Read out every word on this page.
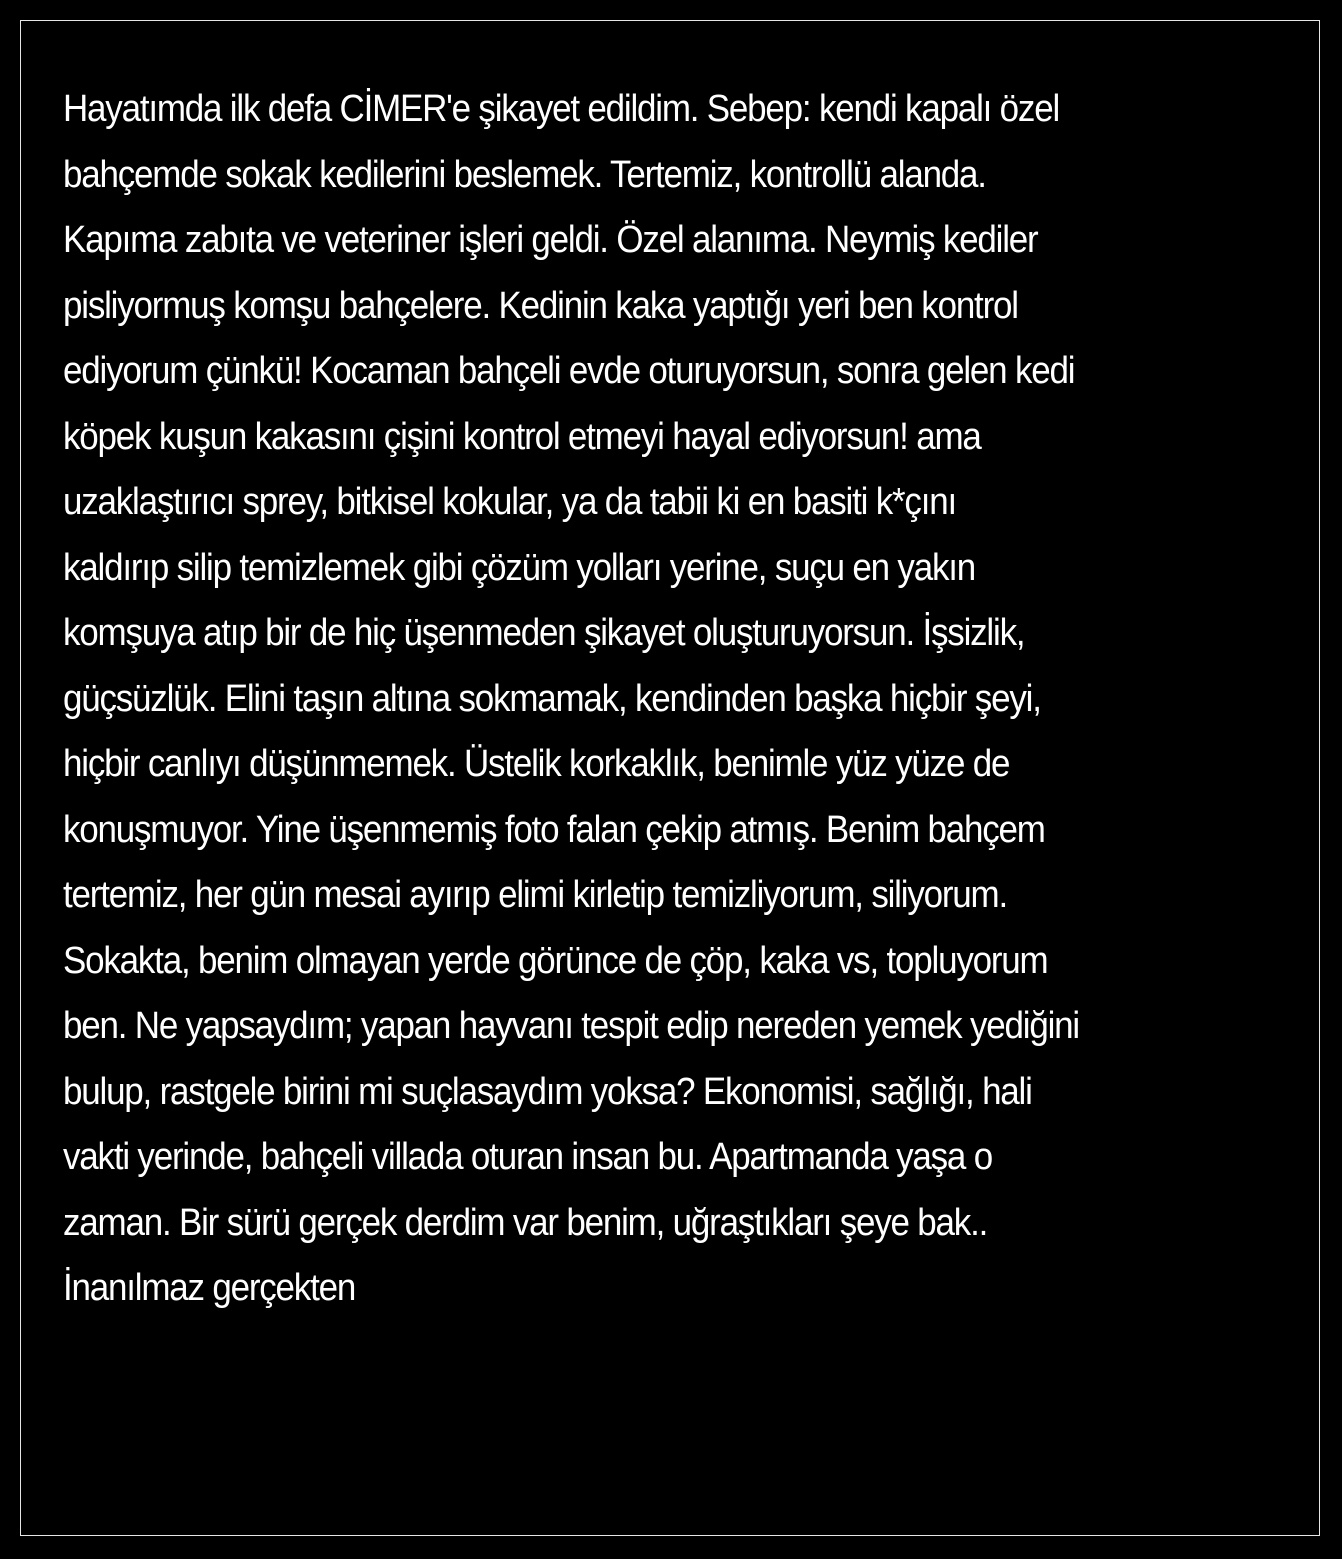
Hayatımda ilk defa CİMER'e şikayet edildim. Sebep: kendi kapalı özel
bahçemde sokak kedilerini beslemek. Tertemiz, kontrollü alanda.
Kapıma zabıta ve veteriner işleri geldi. Özel alanıma. Neymiş kediler
pisliyormuş komşu bahçelere. Kedinin kaka yaptığı yeri ben kontrol
ediyorum çünkü! Kocaman bahçeli evde oturuyorsun, sonra gelen kedi
köpek kuşun kakasını çişini kontrol etmeyi hayal ediyorsun! ama
uzaklaştırıcı sprey, bitkisel kokular, ya da tabii ki en basiti k*çını
kaldırıp silip temizlemek gibi çözüm yolları yerine, suçu en yakın
komşuya atıp bir de hiç üşenmeden şikayet oluşturuyorsun. İşsizlik,
güçsüzlük. Elini taşın altına sokmamak, kendinden başka hiçbir şeyi,
hiçbir canlıyı düşünmemek. Üstelik korkaklık, benimle yüz yüze de
konuşmuyor. Yine üşenmemiş foto falan çekip atmış. Benim bahçem
tertemiz, her gün mesai ayırıp elimi kirletip temizliyorum, siliyorum.
Sokakta, benim olmayan yerde görünce de çöp, kaka vs, topluyorum
ben. Ne yapsaydım; yapan hayvanı tespit edip nereden yemek yediğini
bulup, rastgele birini mi suçlasaydım yoksa? Ekonomisi, sağlığı, hali
vakti yerinde, bahçeli villada oturan insan bu. Apartmanda yaşa o
zaman. Bir sürü gerçek derdim var benim, uğraştıkları şeye bak..
İnanılmaz gerçekten
